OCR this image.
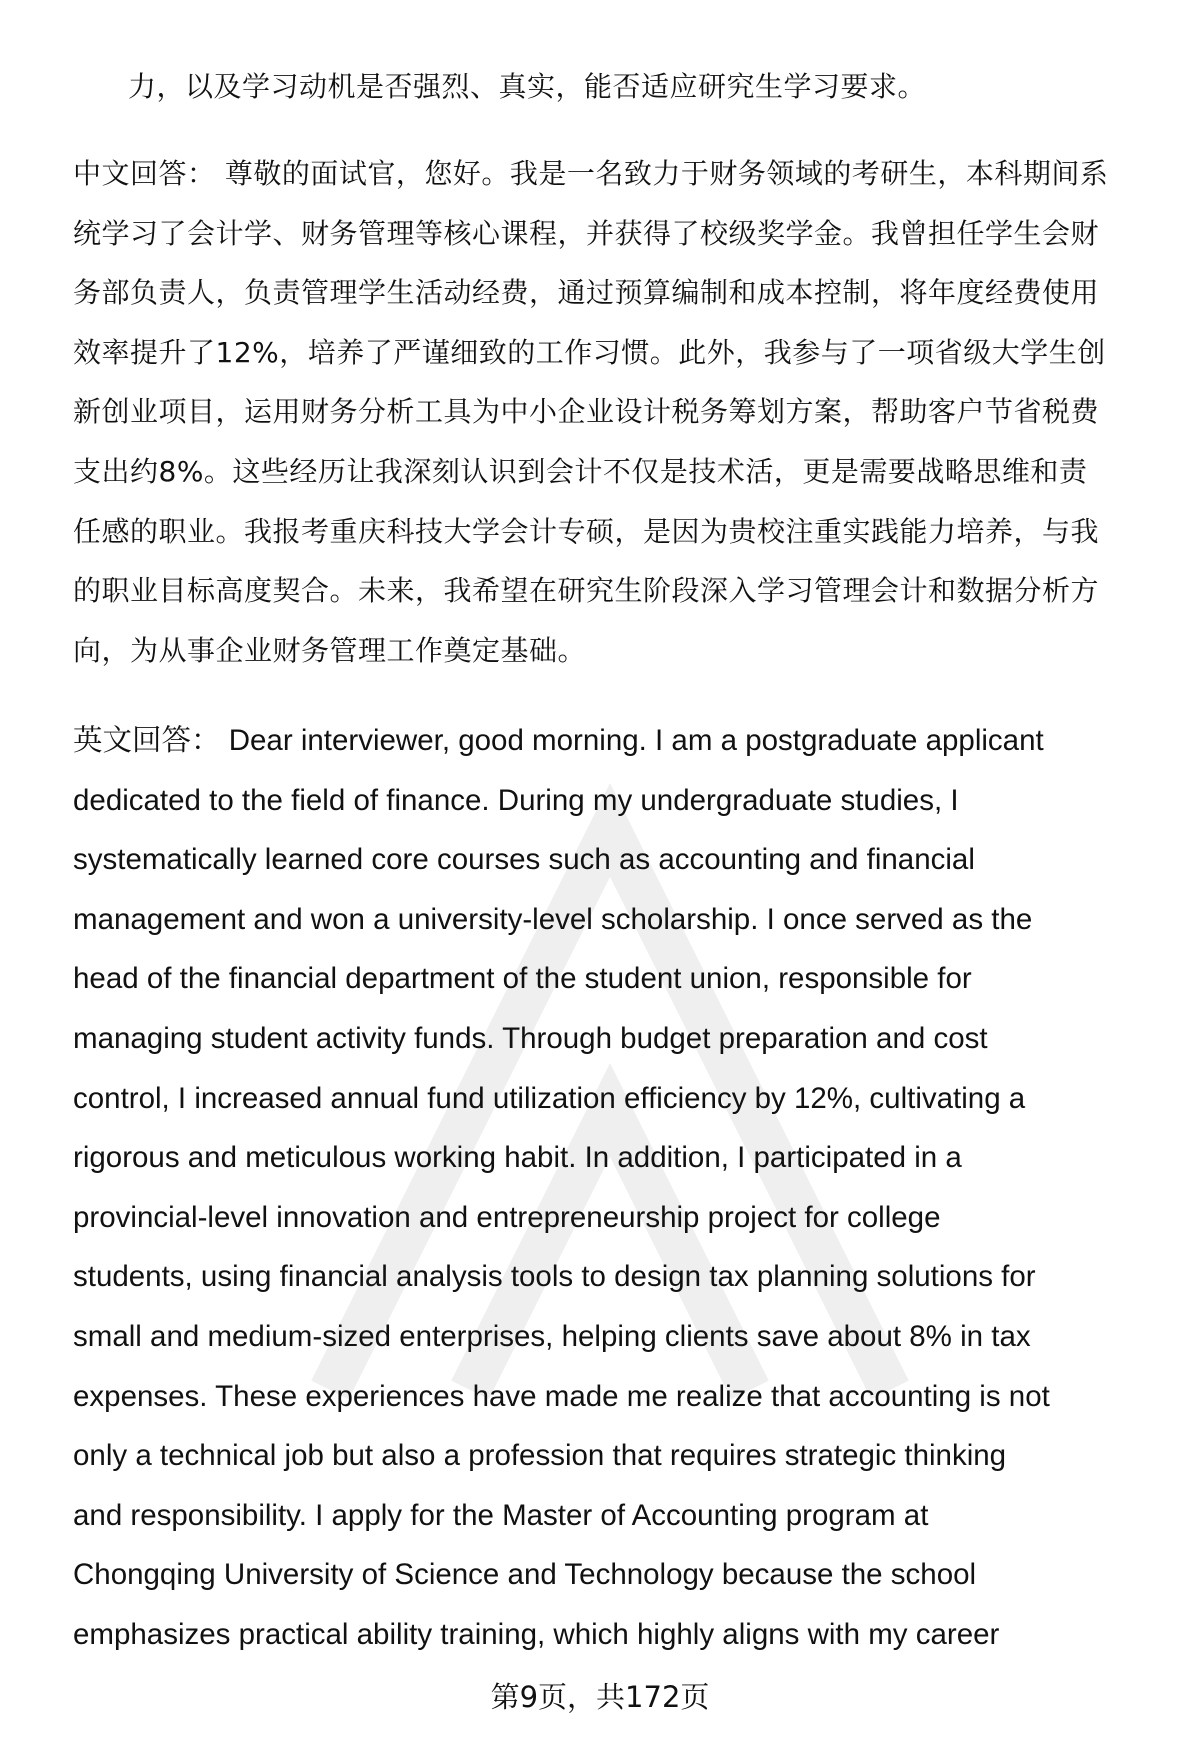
力，以及学习动机是否强烈、真实，能否适应研究生学习要求。
中文回答： 尊敬的面试官，您好。我是一名致力于财务领域的考研生，本科期间系
统学习了会计学、财务管理等核心课程，并获得了校级奖学金。我曾担任学生会财
务部负责人，负责管理学生活动经费，通过预算编制和成本控制，将年度经费使用
效率提升了12%，培养了严谨细致的工作习惯。此外，我参与了一项省级大学生创
新创业项目，运用财务分析工具为中小企业设计税务筹划方案，帮助客户节省税费
支出约8%。这些经历让我深刻认识到会计不仅是技术活，更是需要战略思维和责
任感的职业。我报考重庆科技大学会计专硕，是因为贵校注重实践能力培养，与我
的职业目标高度契合。未来，我希望在研究生阶段深入学习管理会计和数据分析方
向，为从事企业财务管理工作奠定基础。
英文回答： Dear interviewer, good morning. I am a postgraduate applicant
dedicated to the field of finance. During my undergraduate studies, I
systematically learned core courses such as accounting and financial
management and won a university-level scholarship. I once served as the
head of the financial department of the student union, responsible for
managing student activity funds. Through budget preparation and cost
control, I increased annual fund utilization efficiency by 12%, cultivating a
rigorous and meticulous working habit. In addition, I participated in a
provincial-level innovation and entrepreneurship project for college
students, using financial analysis tools to design tax planning solutions for
small and medium-sized enterprises, helping clients save about 8% in tax
expenses. These experiences have made me realize that accounting is not
only a technical job but also a profession that requires strategic thinking
and responsibility. I apply for the Master of Accounting program at
Chongqing University of Science and Technology because the school
emphasizes practical ability training, which highly aligns with my career
第9页，共172页
